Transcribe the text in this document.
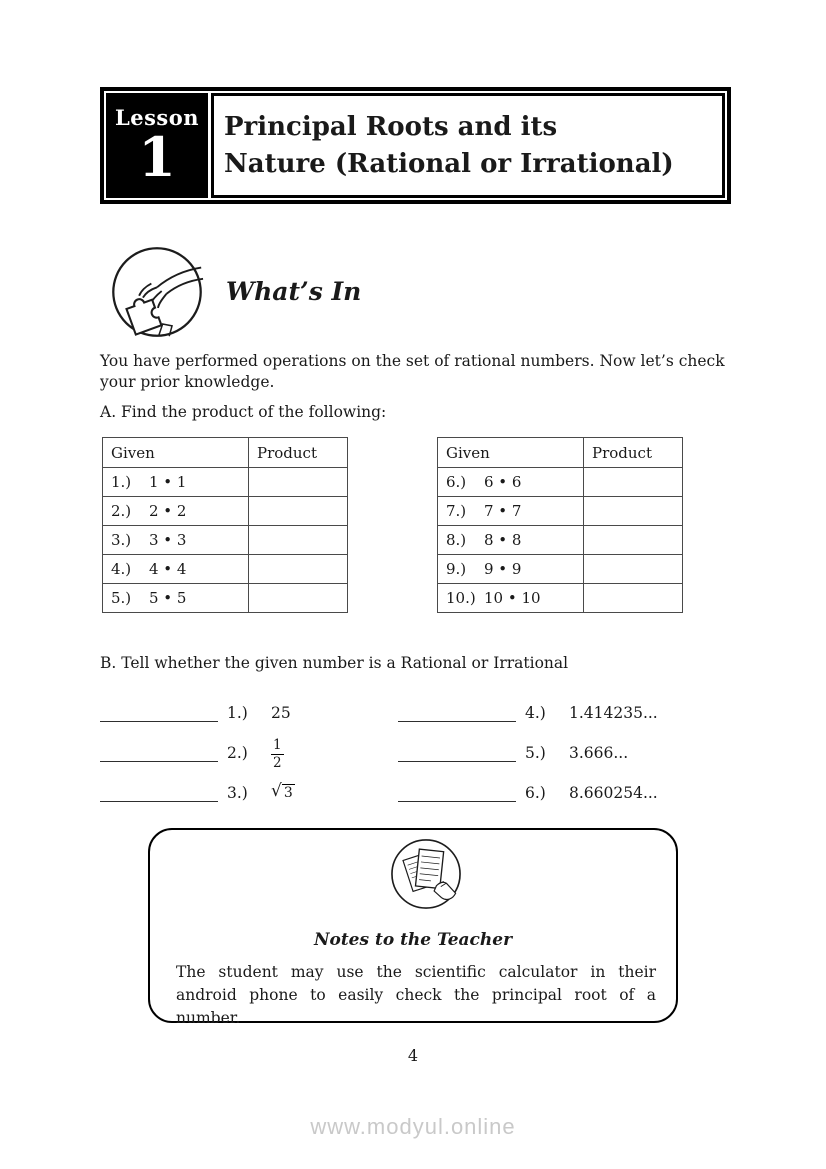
Lesson
1 Principal Roots and its
Nature (Rational or Irrational)
What’s In
You have performed operations on the set of rational numbers. Now let’s check your prior knowledge.
A. Find the product of the following:
Given	Product
1.) 1 • 1	
2.) 2 • 2	
3.) 3 • 3	
4.) 4 • 4	
5.) 5 • 5	
Given	Product
6.) 6 • 6	
7.) 7 • 7	
8.) 8 • 8	
9.) 9 • 9	
10.) 10 • 10	
B. Tell whether the given number is a Rational or Irrational
1.)	25
2.)	$\frac{1}{2}$
3.)	√ 3
4.)	1.414235...
5.)	3.666...
6.)	8.660254...
Notes to the Teacher
The student may use the scientific calculator in their android phone to easily check the principal root of a number.
4
www.modyul.online
